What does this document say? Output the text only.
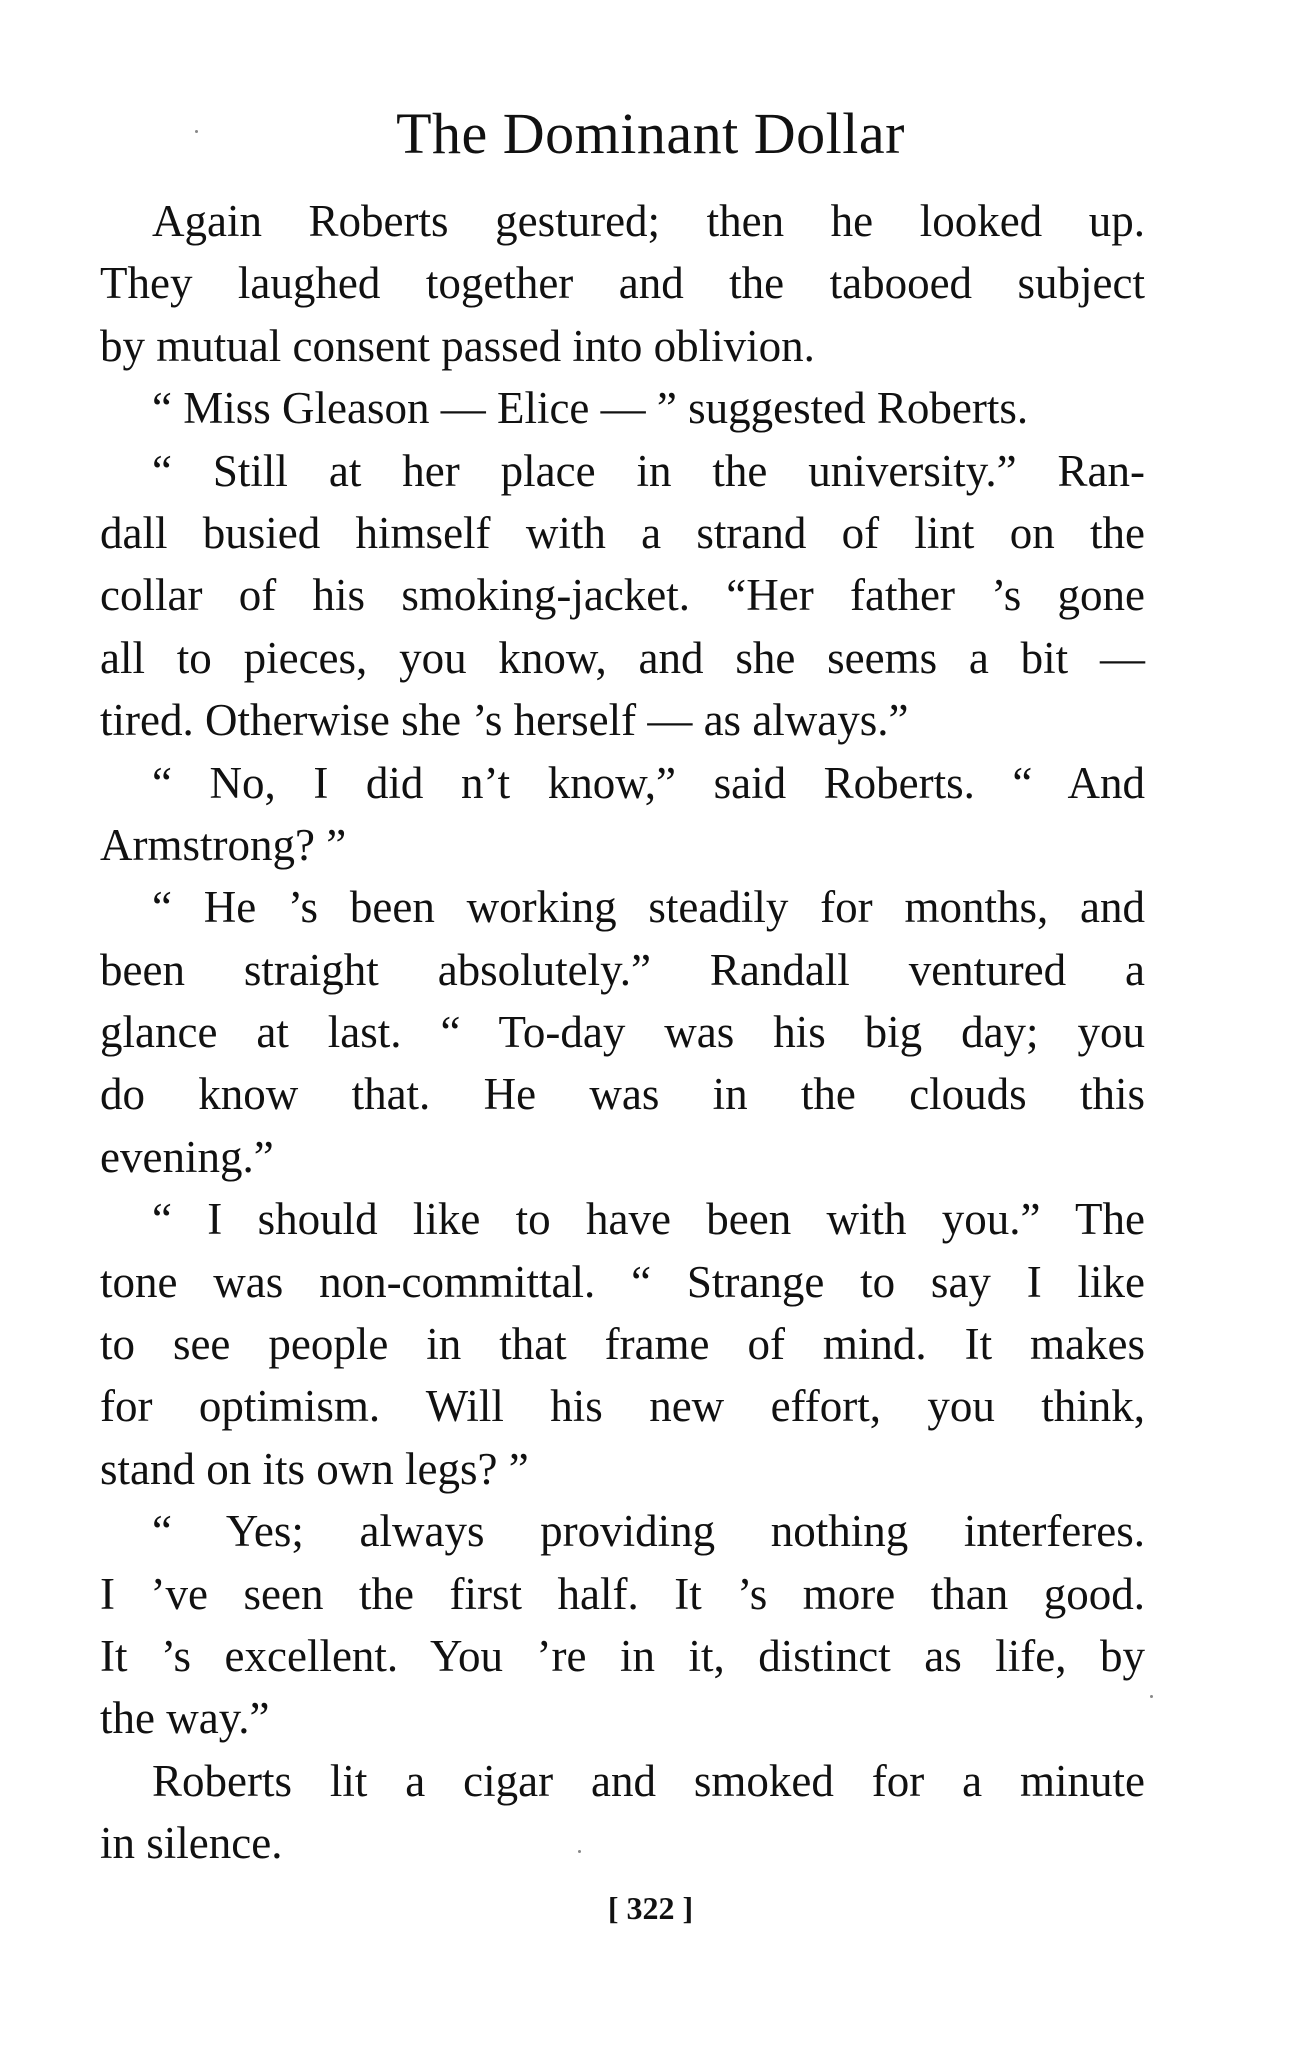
The Dominant Dollar
Again Roberts gestured; then he looked up.
They laughed together and the tabooed subject
by mutual consent passed into oblivion.
“ Miss Gleason — Elice — ” suggested Roberts.
“ Still at her place in the university.” Ran-
dall busied himself with a strand of lint on the
collar of his smoking-jacket. “Her father ’s gone
all to pieces, you know, and she seems a bit —
tired. Otherwise she ’s herself — as always.”
“ No, I did n’t know,” said Roberts. “ And
Armstrong? ”
“ He ’s been working steadily for months, and
been straight absolutely.” Randall ventured a
glance at last. “ To-day was his big day; you
do know that. He was in the clouds this
evening.”
“ I should like to have been with you.” The
tone was non-committal. “ Strange to say I like
to see people in that frame of mind. It makes
for optimism. Will his new effort, you think,
stand on its own legs? ”
“ Yes; always providing nothing interferes.
I ’ve seen the first half. It ’s more than good.
It ’s excellent. You ’re in it, distinct as life, by
the way.”
Roberts lit a cigar and smoked for a minute
in silence.
[ 322 ]
